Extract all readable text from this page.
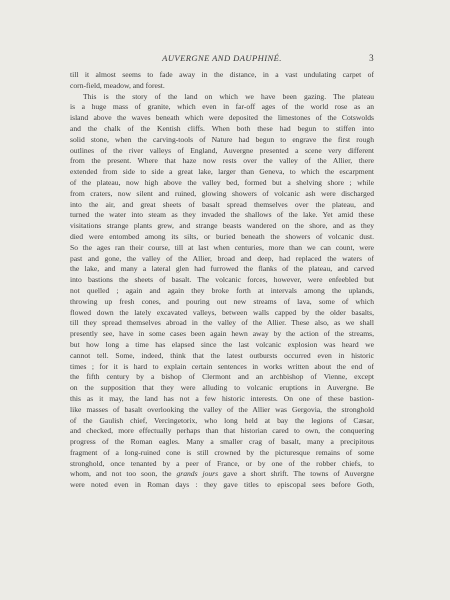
AUVERGNE AND DAUPHINÉ.	3
till it almost seems to fade away in the distance, in a vast undulating carpet of
corn-field, meadow, and forest.
This is the story of the land on which we have been gazing. The plateau
is a huge mass of granite, which even in far-off ages of the world rose as an
island above the waves beneath which were deposited the limestones of the Cotswolds
and the chalk of the Kentish cliffs. When both these had begun to stiffen into
solid stone, when the carving-tools of Nature had begun to engrave the first rough
outlines of the river valleys of England, Auvergne presented a scene very different
from the present. Where that haze now rests over the valley of the Allier, there
extended from side to side a great lake, larger than Geneva, to which the escarpment
of the plateau, now high above the valley bed, formed but a shelving shore ; while
from craters, now silent and ruined, glowing showers of volcanic ash were discharged
into the air, and great sheets of basalt spread themselves over the plateau, and
turned the water into steam as they invaded the shallows of the lake. Yet amid these
visitations strange plants grew, and strange beasts wandered on the shore, and as they
died were entombed among its silts, or buried beneath the showers of volcanic dust.
So the ages ran their course, till at last when centuries, more than we can count, were
past and gone, the valley of the Allier, broad and deep, had replaced the waters of
the lake, and many a lateral glen had furrowed the flanks of the plateau, and carved
into bastions the sheets of basalt. The volcanic forces, however, were enfeebled but
not quelled ; again and again they broke forth at intervals among the uplands,
throwing up fresh cones, and pouring out new streams of lava, some of which
flowed down the lately excavated valleys, between walls capped by the older basalts,
till they spread themselves abroad in the valley of the Allier. These also, as we shall
presently see, have in some cases been again hewn away by the action of the streams,
but how long a time has elapsed since the last volcanic explosion was heard we
cannot tell. Some, indeed, think that the latest outbursts occurred even in historic
times ; for it is hard to explain certain sentences in works written about the end of
the fifth century by a bishop of Clermont and an archbishop of Vienne, except
on the supposition that they were alluding to volcanic eruptions in Auvergne. Be
this as it may, the land has not a few historic interests. On one of these bastion-
like masses of basalt overlooking the valley of the Allier was Gergovia, the stronghold
of the Gaulish chief, Vercingetorix, who long held at bay the legions of Cæsar,
and checked, more effectually perhaps than that historian cared to own, the conquering
progress of the Roman eagles. Many a smaller crag of basalt, many a precipitous
fragment of a long-ruined cone is still crowned by the picturesque remains of some
stronghold, once tenanted by a peer of France, or by one of the robber chiefs, to
whom, and not too soon, the grands jours gave a short shrift. The towns of Auvergne
were noted even in Roman days : they gave titles to episcopal sees before Goth,
